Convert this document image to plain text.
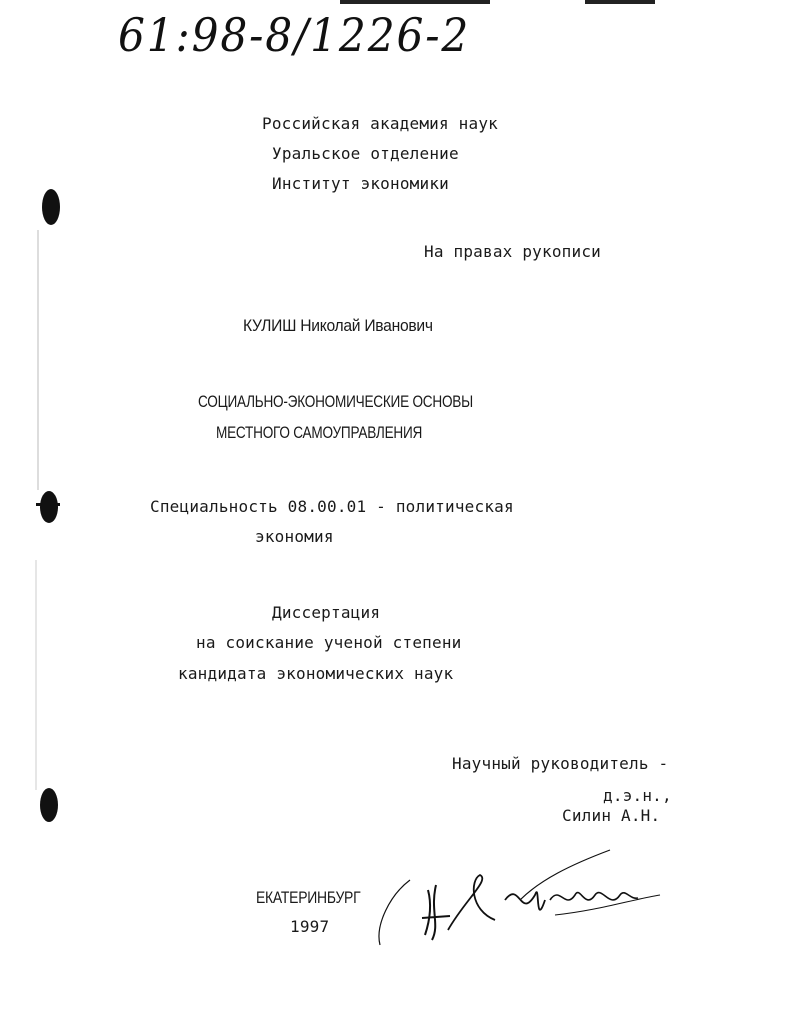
61:98-8/1226-2
Российская академия наук
Уральское отделение
Институт экономики
На правах рукописи
КУЛИШ Николай Иванович
СОЦИАЛЬНО-ЭКОНОМИЧЕСКИЕ ОСНОВЫ
МЕСТНОГО САМОУПРАВЛЕНИЯ
Специальность 08.00.01 - политическая
экономия
Диссертация
на соискание ученой степени
кандидата экономических наук
Научный руководитель -
д.э.н.,
Силин А.Н.
ЕКАТЕРИНБУРГ
1997
